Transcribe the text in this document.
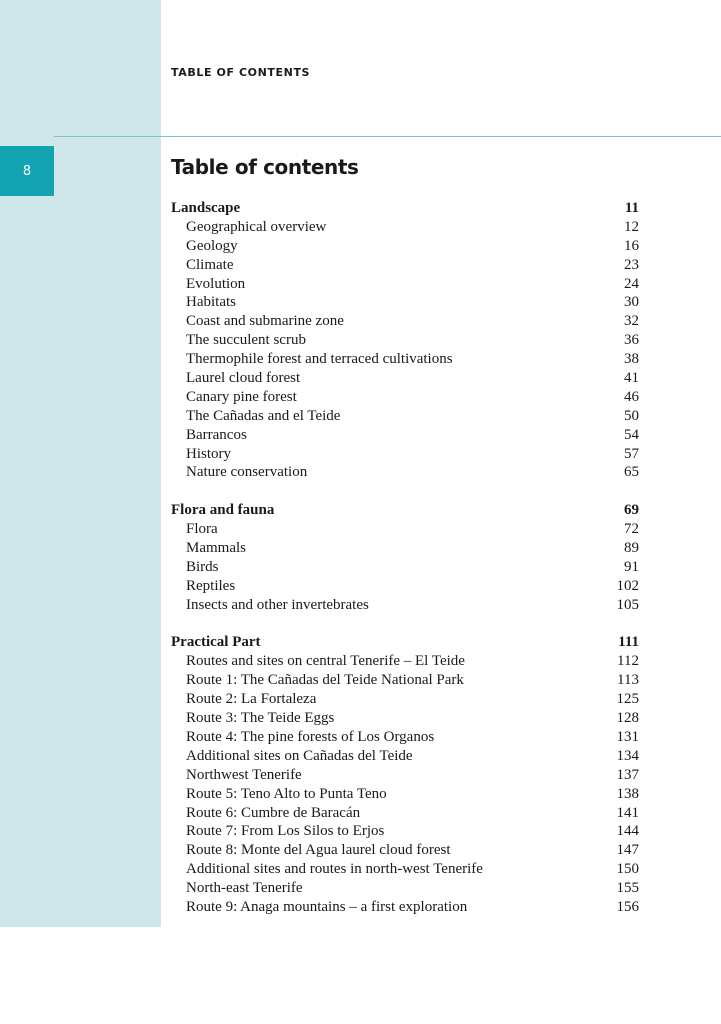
8
TABLE OF CONTENTS
Table of contents
Landscape	11
Geographical overview	12
Geology	16
Climate	23
Evolution	24
Habitats	30
Coast and submarine zone	32
The succulent scrub	36
Thermophile forest and terraced cultivations	38
Laurel cloud forest	41
Canary pine forest	46
The Cañadas and el Teide	50
Barrancos	54
History	57
Nature conservation	65
Flora and fauna	69
Flora	72
Mammals	89
Birds	91
Reptiles	102
Insects and other invertebrates	105
Practical Part	111
Routes and sites on central Tenerife – El Teide	112
Route 1: The Cañadas del Teide National Park	113
Route 2: La Fortaleza	125
Route 3: The Teide Eggs	128
Route 4: The pine forests of Los Organos	131
Additional sites on Cañadas del Teide	134
Northwest Tenerife	137
Route 5: Teno Alto to Punta Teno	138
Route 6: Cumbre de Baracán	141
Route 7: From Los Silos to Erjos	144
Route 8: Monte del Agua laurel cloud forest	147
Additional sites and routes in north-west Tenerife	150
North-east Tenerife	155
Route 9: Anaga mountains – a first exploration	156
